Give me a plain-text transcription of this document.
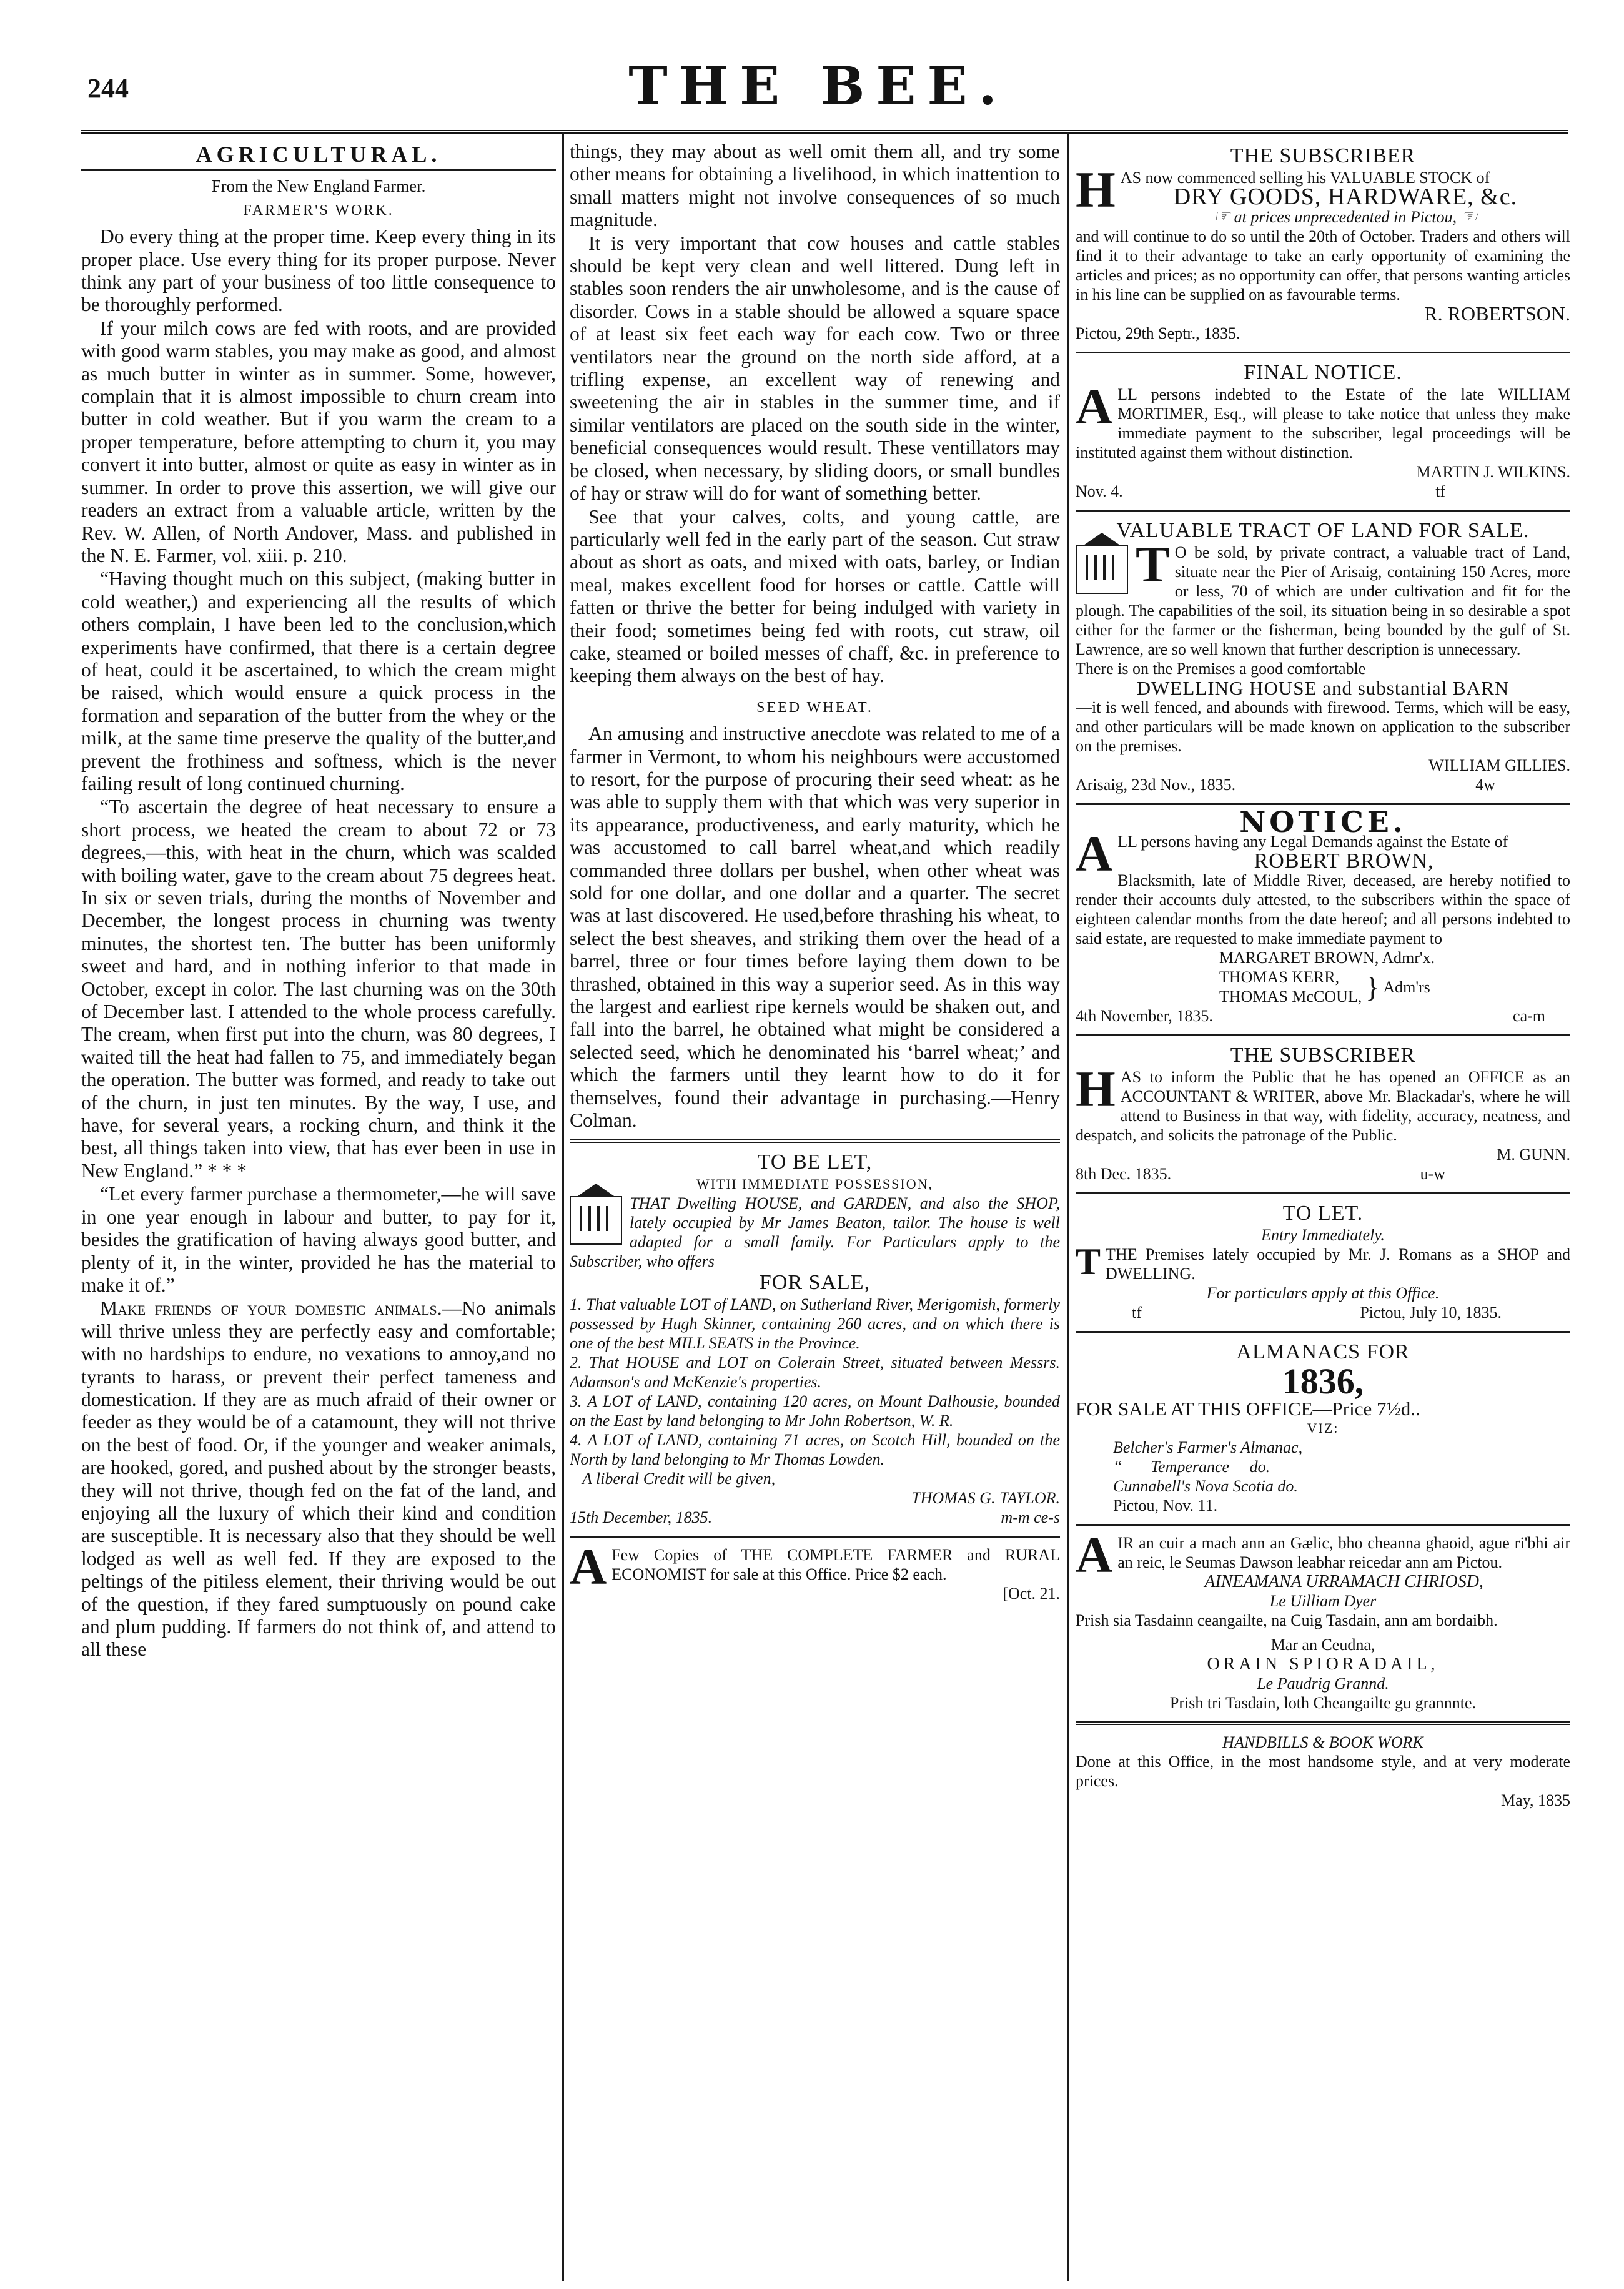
244	THE BEE.
AGRICULTURAL.
From the New England Farmer.
FARMER'S WORK.

Do every thing at the proper time. Keep every thing in its proper place. Use every thing for its proper purpose. Never think any part of your business of too little consequence to be thoroughly performed.

If your milch cows are fed with roots, and are provided with good warm stables, you may make as good, and almost as much butter in winter as in summer. Some, however, complain that it is almost impossible to churn cream into butter in cold weather. But if you warm the cream to a proper temperature, before attempting to churn it, you may convert it into butter, almost or quite as easy in winter as in summer. In order to prove this assertion, we will give our readers an extract from a valuable article, written by the Rev. W. Allen, of North Andover, Mass. and published in the N. E. Farmer, vol. xiii. p. 210.

“Having thought much on this subject, (making butter in cold weather,) and experiencing all the results of which others complain, I have been led to the conclusion,which experiments have confirmed, that there is a certain degree of heat, could it be ascertained, to which the cream might be raised, which would ensure a quick process in the formation and separation of the butter from the whey or the milk, at the same time preserve the quality of the butter,and prevent the frothiness and softness, which is the never failing result of long continued churning.

“To ascertain the degree of heat necessary to ensure a short process, we heated the cream to about 72 or 73 degrees,—this, with heat in the churn, which was scalded with boiling water, gave to the cream about 75 degrees heat. In six or seven trials, during the months of November and December, the longest process in churning was twenty minutes, the shortest ten. The butter has been uniformly sweet and hard, and in nothing inferior to that made in October, except in color. The last churning was on the 30th of December last. I attended to the whole process carefully. The cream, when first put into the churn, was 80 degrees, I waited till the heat had fallen to 75, and immediately began the operation. The butter was formed, and ready to take out of the churn, in just ten minutes. By the way, I use, and have, for several years, a rocking churn, and think it the best, all things taken into view, that has ever been in use in New England.” * * *

“Let every farmer purchase a thermometer,—he will save in one year enough in labour and butter, to pay for it, besides the gratification of having always good butter, and plenty of it, in the winter, provided he has the material to make it of.”

Make friends of your domestic animals.—No animals will thrive unless they are perfectly easy and comfortable; with no hardships to endure, no vexations to annoy,and no tyrants to harass, or prevent their perfect tameness and domestication. If they are as much afraid of their owner or feeder as they would be of a catamount, they will not thrive on the best of food. Or, if the younger and weaker animals, are hooked, gored, and pushed about by the stronger beasts, they will not thrive, though fed on the fat of the land, and enjoying all the luxury of which their kind and condition are susceptible. It is necessary also that they should be well lodged as well as well fed. If they are exposed to the peltings of the pitiless element, their thriving would be out of the question, if they fared sumptuously on pound cake and plum pudding. If farmers do not think of, and attend to all these

things, they may about as well omit them all, and try some other means for obtaining a livelihood, in which inattention to small matters might not involve consequences of so much magnitude.

It is very important that cow houses and cattle stables should be kept very clean and well littered. Dung left in stables soon renders the air unwholesome, and is the cause of disorder. Cows in a stable should be allowed a square space of at least six feet each way for each cow. Two or three ventilators near the ground on the north side afford, at a trifling expense, an excellent way of renewing and sweetening the air in stables in the summer time, and if similar ventilators are placed on the south side in the winter, beneficial consequences would result. These ventillators may be closed, when necessary, by sliding doors, or small bundles of hay or straw will do for want of something better.

See that your calves, colts, and young cattle, are particularly well fed in the early part of the season. Cut straw about as short as oats, and mixed with oats, barley, or Indian meal, makes excellent food for horses or cattle. Cattle will fatten or thrive the better for being indulged with variety in their food; sometimes being fed with roots, cut straw, oil cake, steamed or boiled messes of chaff, &c. in preference to keeping them always on the best of hay.

SEED WHEAT.

An amusing and instructive anecdote was related to me of a farmer in Vermont, to whom his neighbours were accustomed to resort, for the purpose of procuring their seed wheat: as he was able to supply them with that which was very superior in its appearance, productiveness, and early maturity, which he was accustomed to call barrel wheat,and which readily commanded three dollars per bushel, when other wheat was sold for one dollar, and one dollar and a quarter. The secret was at last discovered. He used,before thrashing his wheat, to select the best sheaves, and striking them over the head of a barrel, three or four times before laying them down to be thrashed, obtained in this way a superior seed. As in this way the largest and earliest ripe kernels would be shaken out, and fall into the barrel, he obtained what might be considered a selected seed, which he denominated his ‘barrel wheat;’ and which the farmers until they learnt how to do it for themselves, found their advantage in purchasing.—Henry Colman.

TO BE LET,
WITH IMMEDIATE POSSESSION,

THAT Dwelling HOUSE, and GARDEN, and also the SHOP, lately occupied by Mr James Beaton, tailor. The house is well adapted for a small family. For Particulars apply to the Subscriber, who offers

FOR SALE,

1. That valuable LOT of LAND, on Sutherland River, Merigomish, formerly possessed by Hugh Skinner, containing 260 acres, and on which there is one of the best MILL SEATS in the Province.

2. That HOUSE and LOT on Colerain Street, situated between Messrs. Adamson's and McKenzie's properties.

3. A LOT of LAND, containing 120 acres, on Mount Dalhousie, bounded on the East by land belonging to Mr John Robertson, W. R.

4. A LOT of LAND, containing 71 acres, on Scotch Hill, bounded on the North by land belonging to Mr Thomas Lowden.

A liberal Credit will be given,

THOMAS G. TAYLOR.

15th December, 1835.	m-m ce-s
A Few Copies of THE COMPLETE FARMER and RURAL ECONOMIST for sale at this Office. Price $2 each.

[Oct. 21.

THE SUBSCRIBER
H AS now commenced selling his VALUABLE STOCK of

DRY GOODS, HARDWARE, &c.

☞ at prices unprecedented in Pictou, ☜

and will continue to do so until the 20th of October. Traders and others will find it to their advantage to take an early opportunity of examining the articles and prices; as no opportunity can offer, that persons wanting articles in his line can be supplied on as favourable terms.

R. ROBERTSON.

Pictou, 29th Septr., 1835.

FINAL NOTICE.
A LL persons indebted to the Estate of the late WILLIAM MORTIMER, Esq., will please to take notice that unless they make immediate payment to the subscriber, legal proceedings will be instituted against them without distinction.

MARTIN J. WILKINS.

Nov. 4.	tf
VALUABLE TRACT OF LAND FOR SALE.
T O be sold, by private contract, a valuable tract of Land, situate near the Pier of Arisaig, containing 150 Acres, more or less, 70 of which are under cultivation and fit for the plough. The capabilities of the soil, its situation being in so desirable a spot either for the farmer or the fisherman, being bounded by the gulf of St. Lawrence, are so well known that further description is unnecessary.

There is on the Premises a good comfortable

DWELLING HOUSE and substantial BARN

—it is well fenced, and abounds with firewood. Terms, which will be easy, and other particulars will be made known on application to the subscriber on the premises.

WILLIAM GILLIES.

Arisaig, 23d Nov., 1835.	4w
NOTICE.
A LL persons having any Legal Demands against the Estate of

ROBERT BROWN,

Blacksmith, late of Middle River, deceased, are hereby notified to render their accounts duly attested, to the subscribers within the space of eighteen calendar months from the date hereof; and all persons indebted to said estate, are requested to make immediate payment to

MARGARET BROWN, Admr'x.

THOMAS KERR,
THOMAS McCOUL, } Adm'rs
4th November, 1835.	ca-m
THE SUBSCRIBER
H AS to inform the Public that he has opened an OFFICE as an ACCOUNTANT & WRITER, above Mr. Blackadar's, where he will attend to Business in that way, with fidelity, accuracy, neatness, and despatch, and solicits the patronage of the Public.

M. GUNN.

8th Dec. 1835.	u-w
TO LET.
Entry Immediately.
T THE Premises lately occupied by Mr. J. Romans as a SHOP and DWELLING.

For particulars apply at this Office.

tf	Pictou, July 10, 1835.
ALMANACS FOR
1836,
FOR SALE AT THIS OFFICE—Price 7½d..
VIZ:

Belcher's Farmer's Almanac,

“       Temperance     do.

Cunnabell's Nova Scotia do.

Pictou, Nov. 11.

A IR an cuir a mach ann an Gælic, bho cheanna ghaoid, ague ri'bhi air an reic, le Seumas Dawson leabhar reicedar ann am Pictou.

AINEAMANA URRAMACH CHRIOSD,
Le Uilliam Dyer

Prish sia Tasdainn ceangailte, na Cuig Tasdain, ann am bordaibh.

Mar an Ceudna,
ORAIN SPIORADAIL,
Le Paudrig Grannd.
Prish tri Tasdain, loth Cheangailte gu grannnte.
HANDBILLS & BOOK WORK

Done at this Office, in the most handsome style, and at very moderate prices.

May, 1835
